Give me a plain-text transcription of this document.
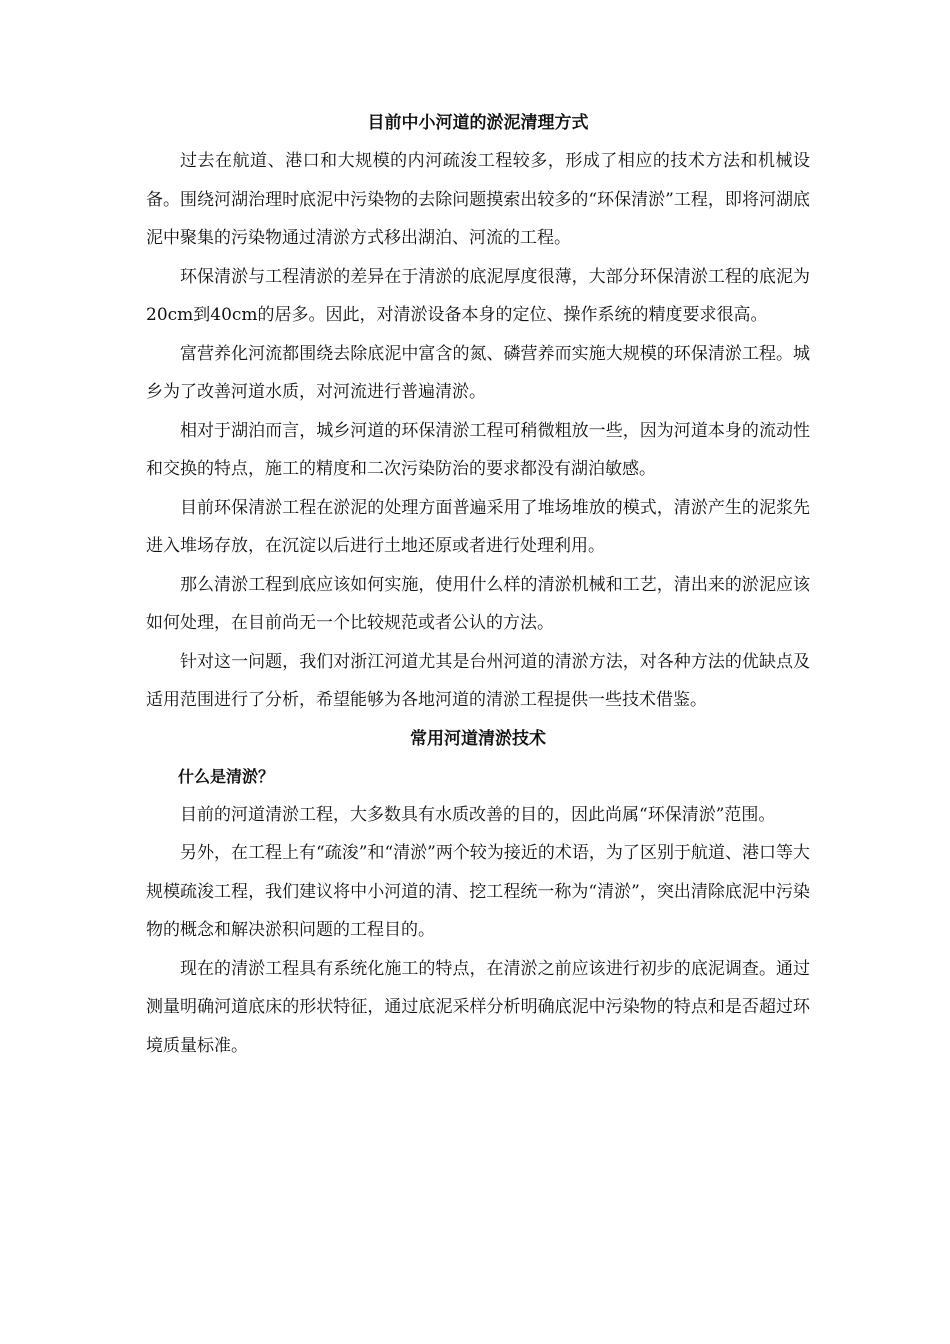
目前中小河道的淤泥清理方式

过去在航道、港口和大规模的内河疏浚工程较多，形成了相应的技术方法和机械设备。围绕河湖治理时底泥中污染物的去除问题摸索出较多的“环保清淤”工程，即将河湖底泥中聚集的污染物通过清淤方式移出湖泊、河流的工程。

环保清淤与工程清淤的差异在于清淤的底泥厚度很薄，大部分环保清淤工程的底泥为20cm到40cm的居多。因此，对清淤设备本身的定位、操作系统的精度要求很高。

富营养化河流都围绕去除底泥中富含的氮、磷营养而实施大规模的环保清淤工程。城乡为了改善河道水质，对河流进行普遍清淤。

相对于湖泊而言，城乡河道的环保清淤工程可稍微粗放一些，因为河道本身的流动性和交换的特点，施工的精度和二次污染防治的要求都没有湖泊敏感。

目前环保清淤工程在淤泥的处理方面普遍采用了堆场堆放的模式，清淤产生的泥浆先进入堆场存放，在沉淀以后进行土地还原或者进行处理利用。

那么清淤工程到底应该如何实施，使用什么样的清淤机械和工艺，清出来的淤泥应该如何处理，在目前尚无一个比较规范或者公认的方法。

针对这一问题，我们对浙江河道尤其是台州河道的清淤方法，对各种方法的优缺点及适用范围进行了分析，希望能够为各地河道的清淤工程提供一些技术借鉴。

常用河道清淤技术
什么是清淤？

目前的河道清淤工程，大多数具有水质改善的目的，因此尚属“环保清淤”范围。

另外，在工程上有“疏浚”和“清淤”两个较为接近的术语，为了区别于航道、港口等大规模疏浚工程，我们建议将中小河道的清、挖工程统一称为“清淤”，突出清除底泥中污染物的概念和解决淤积问题的工程目的。

现在的清淤工程具有系统化施工的特点，在清淤之前应该进行初步的底泥调查。通过测量明确河道底床的形状特征，通过底泥采样分析明确底泥中污染物的特点和是否超过环境质量标准。
